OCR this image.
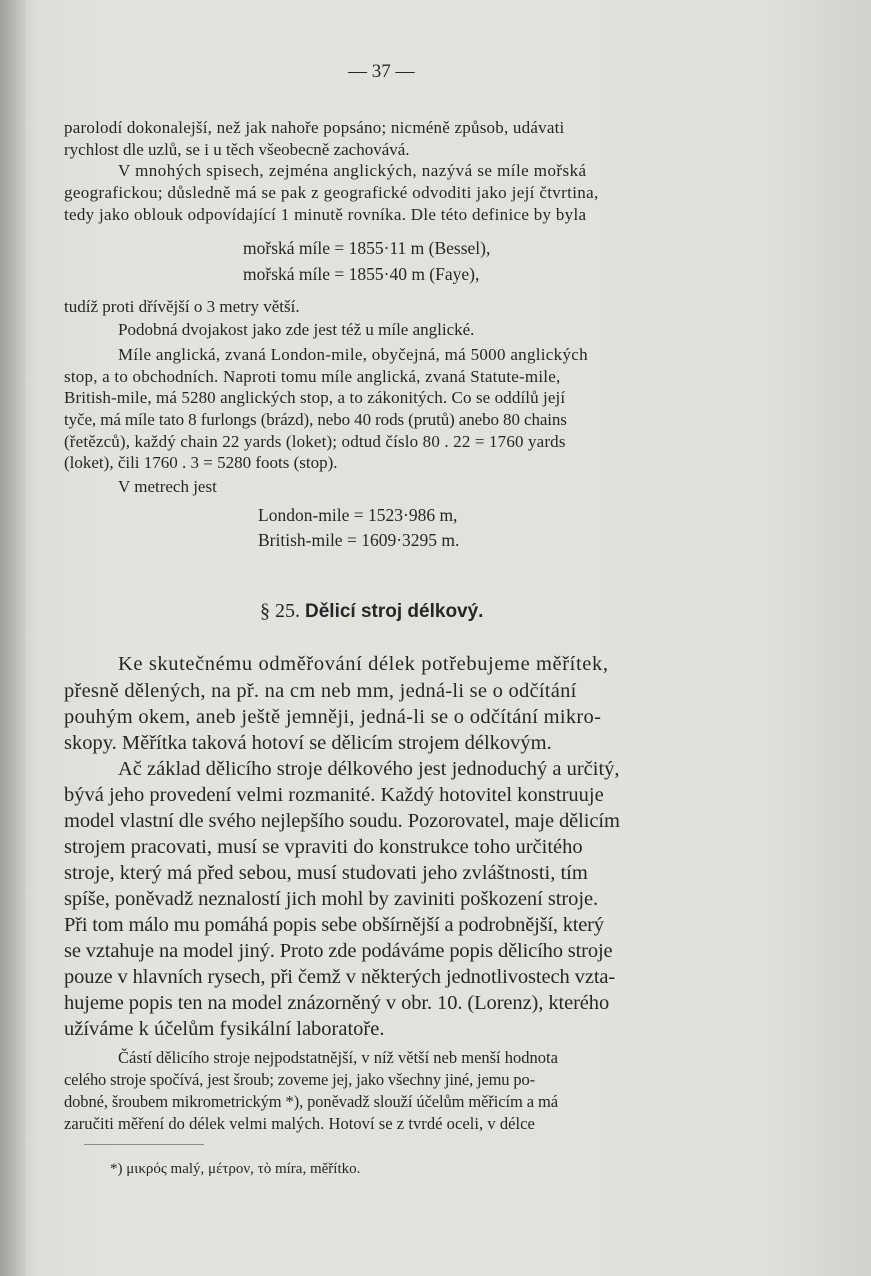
— 37 —
parolodí dokonalejší, než jak nahoře popsáno; nicméně způsob, udávati
rychlost dle uzlů, se i u těch všeobecně zachovává.
V mnohých spisech, zejména anglických, nazývá se míle mořská
geografickou; důsledně má se pak z geografické odvoditi jako její čtvrtina,
tedy jako oblouk odpovídající 1 minutě rovníka. Dle této definice by byla
mořská míle = 1855·11 m (Bessel),
mořská míle = 1855·40 m (Faye),
tudíž proti dřívější o 3 metry větší.
Podobná dvojakost jako zde jest též u míle anglické.
Míle anglická, zvaná London-mile, obyčejná, má 5000 anglických
stop, a to obchodních. Naproti tomu míle anglická, zvaná Statute-mile,
British-mile, má 5280 anglických stop, a to zákonitých. Co se oddílů její
tyče, má míle tato 8 furlongs (brázd), nebo 40 rods (prutů) anebo 80 chains
(řetězců), každý chain 22 yards (loket); odtud číslo 80 . 22 = 1760 yards
(loket), čili 1760 . 3 = 5280 foots (stop).
V metrech jest
London-mile = 1523·986 m,
British-mile = 1609·3295 m.
§ 25. Dělicí stroj délkový.
Ke skutečnému odměřování délek potřebujeme měřítek,
přesně dělených, na př. na cm neb mm, jedná-li se o odčítání
pouhým okem, aneb ještě jemněji, jedná-li se o odčítání mikro-
skopy. Měřítka taková hotoví se dělicím strojem délkovým.
Ač základ dělicího stroje délkového jest jednoduchý a určitý,
bývá jeho provedení velmi rozmanité. Každý hotovitel konstruuje
model vlastní dle svého nejlepšího soudu. Pozorovatel, maje dělicím
strojem pracovati, musí se vpraviti do konstrukce toho určitého
stroje, který má před sebou, musí studovati jeho zvláštnosti, tím
spíše, poněvadž neznalostí jich mohl by zaviniti poškození stroje.
Při tom málo mu pomáhá popis sebe obšírnější a podrobnější, který
se vztahuje na model jiný. Proto zde podáváme popis dělicího stroje
pouze v hlavních rysech, při čemž v některých jednotlivostech vzta-
hujeme popis ten na model znázorněný v obr. 10. (Lorenz), kterého
užíváme k účelům fysikální laboratoře.
Částí dělicího stroje nejpodstatnější, v níž větší neb menší hodnota
celého stroje spočívá, jest šroub; zoveme jej, jako všechny jiné, jemu po-
dobné, šroubem mikrometrickým *), poněvadž slouží účelům měřicím a má
zaručiti měření do délek velmi malých. Hotoví se z tvrdé oceli, v délce
*) μικρός malý, μέτρον, τὸ míra, měřítko.
